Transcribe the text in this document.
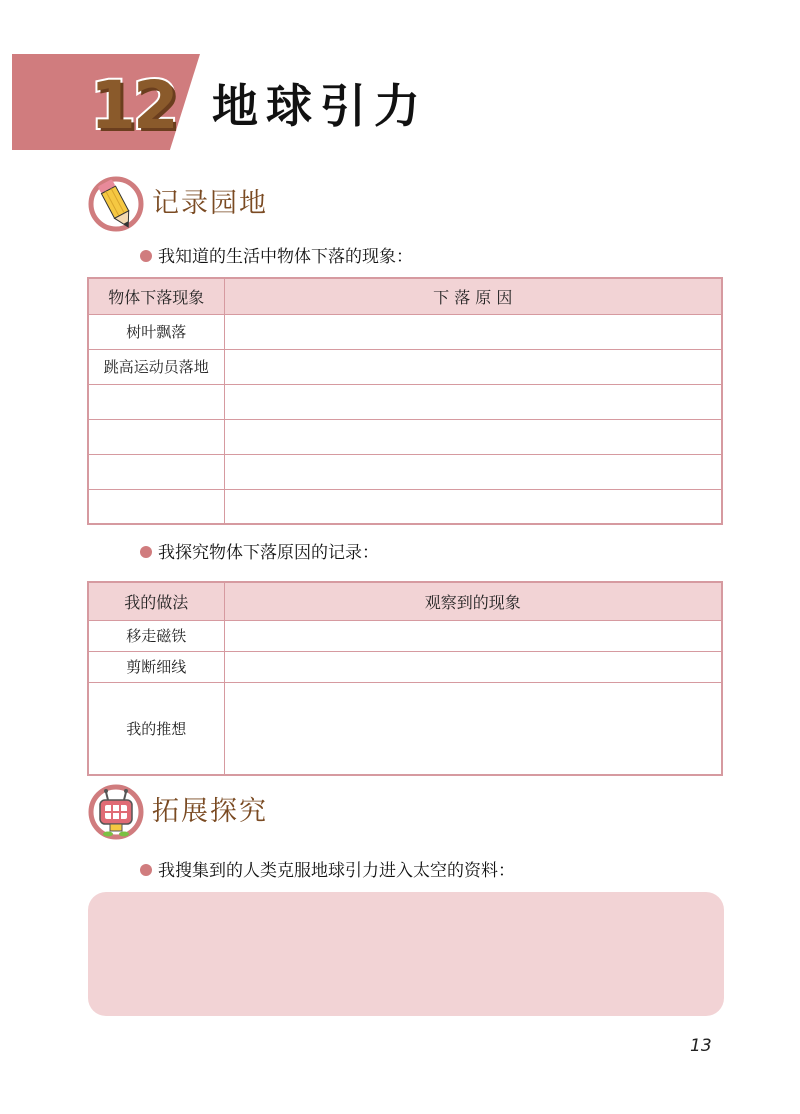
12 地球引力
记录园地
我知道的生活中物体下落的现象：
物体下落现象	下 落 原 因
树叶飘落	
跳高运动员落地	

我探究物体下落原因的记录：
我的做法	观察到的现象
移走磁铁	
剪断细线	
我的推想	
拓展探究
我搜集到的人类克服地球引力进入太空的资料：
13
